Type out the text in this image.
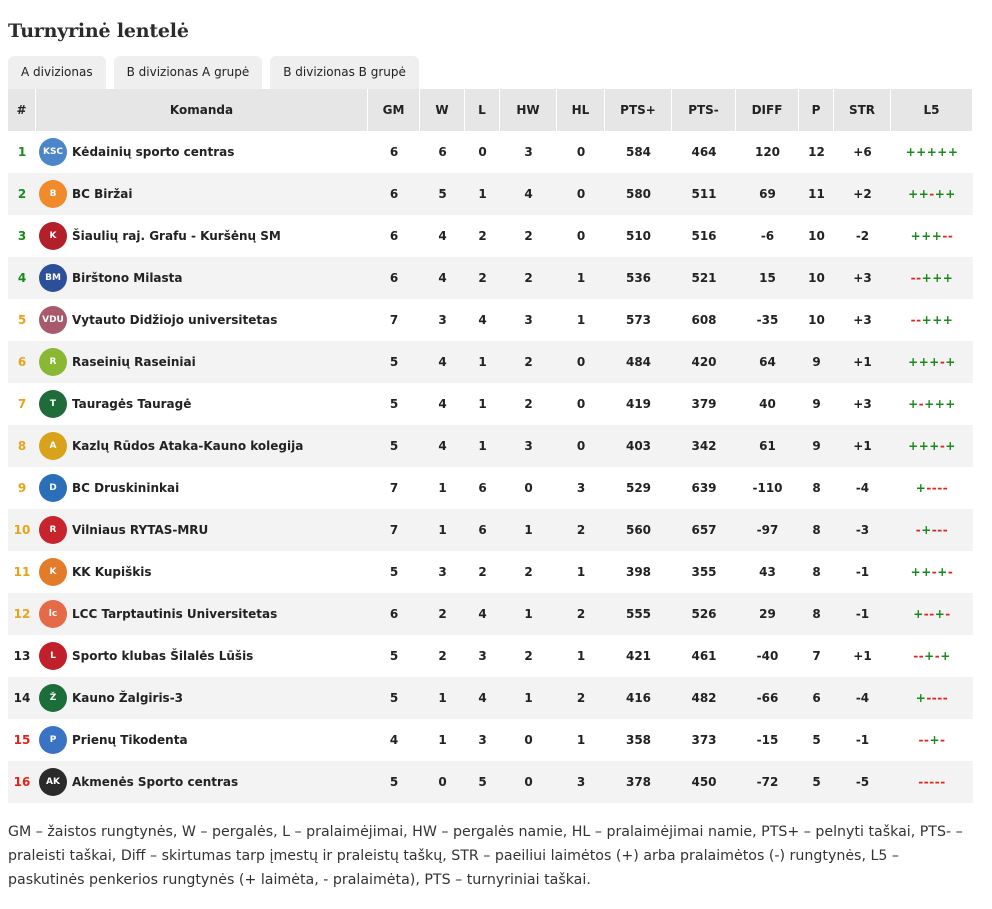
Turnyrinė lentelė
A divizionas	B divizionas A grupė	B divizionas B grupė
#	Komanda	GM	W	L	HW	HL	PTS+	PTS-	DIFF	P	STR	L5
1	KSC Kėdainių sporto centras	6	6	0	3	0	584	464	120	12	+6	+++++
2	B BC Biržai	6	5	1	4	0	580	511	69	11	+2	++-++
3	K Šiaulių raj. Grafu - Kuršėnų SM	6	4	2	2	0	510	516	-6	10	-2	+++--
4	BM Birštono Milasta	6	4	2	2	1	536	521	15	10	+3	--+++
5	VDU Vytauto Didžiojo universitetas	7	3	4	3	1	573	608	-35	10	+3	--+++
6	R Raseinių Raseiniai	5	4	1	2	0	484	420	64	9	+1	+++-+
7	T Tauragės Tauragė	5	4	1	2	0	419	379	40	9	+3	+-+++
8	A Kazlų Rūdos Ataka-Kauno kolegija	5	4	1	3	0	403	342	61	9	+1	+++-+
9	D BC Druskininkai	7	1	6	0	3	529	639	-110	8	-4	+----
10	R Vilniaus RYTAS-MRU	7	1	6	1	2	560	657	-97	8	-3	-+---
11	K KK Kupiškis	5	3	2	2	1	398	355	43	8	-1	++-+-
12	lc LCC Tarptautinis Universitetas	6	2	4	1	2	555	526	29	8	-1	+--+-
13	L Sporto klubas Šilalės Lūšis	5	2	3	2	1	421	461	-40	7	+1	--+-+
14	Ž Kauno Žalgiris-3	5	1	4	1	2	416	482	-66	6	-4	+----
15	P Prienų Tikodenta	4	1	3	0	1	358	373	-15	5	-1	--+-
16	AK Akmenės Sporto centras	5	0	5	0	3	378	450	-72	5	-5	-----
GM – žaistos rungtynės, W – pergalės, L – pralaimėjimai, HW – pergalės namie, HL – pralaimėjimai namie, PTS+ – pelnyti taškai, PTS- – praleisti taškai, Diff – skirtumas tarp įmestų ir praleistų taškų, STR – paeiliui laimėtos (+) arba pralaimėtos (-) rungtynės, L5 – paskutinės penkerios rungtynės (+ laimėta, - pralaimėta), PTS – turnyriniai taškai.
